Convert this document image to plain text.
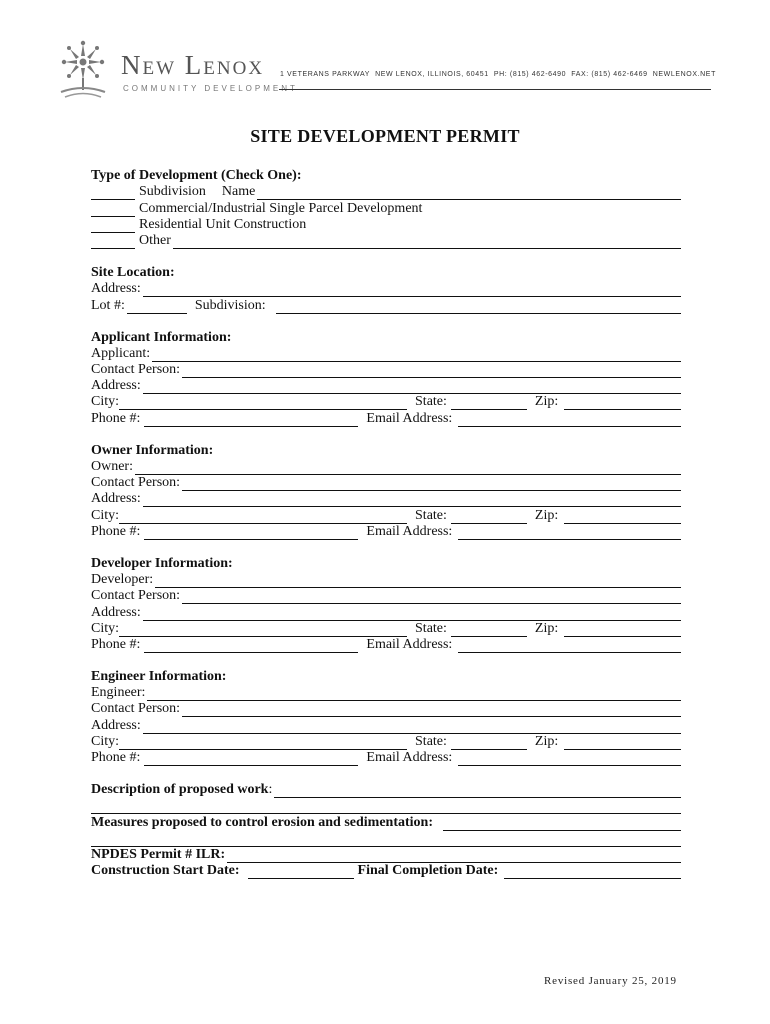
New Lenox
COMMUNITY DEVELOPMENT
1 VETERANS PARKWAY NEW LENOX, ILLINOIS, 60451 PH: (815) 462-6490 FAX: (815) 462-6469 NEWLENOX.NET
SITE DEVELOPMENT PERMIT
Type of Development (Check One):
Subdivision Name
Commercial/Industrial Single Parcel Development
Residential Unit Construction
Other
Site Location:
Address:
Lot #:	Subdivision:
Applicant Information:
Applicant:
Contact Person:
Address:
City:	State:	Zip:
Phone #:	Email Address:
Owner Information:
Owner:
Contact Person:
Address:
City:	State:	Zip:
Phone #:	Email Address:
Developer Information:
Developer:
Contact Person:
Address:
City:	State:	Zip:
Phone #:	Email Address:
Engineer Information:
Engineer:
Contact Person:
Address:
City:	State:	Zip:
Phone #:	Email Address:
Description of proposed work :
Measures proposed to control erosion and sedimentation:
NPDES Permit # ILR:
Construction Start Date:	Final Completion Date:
Revised January 25, 2019
